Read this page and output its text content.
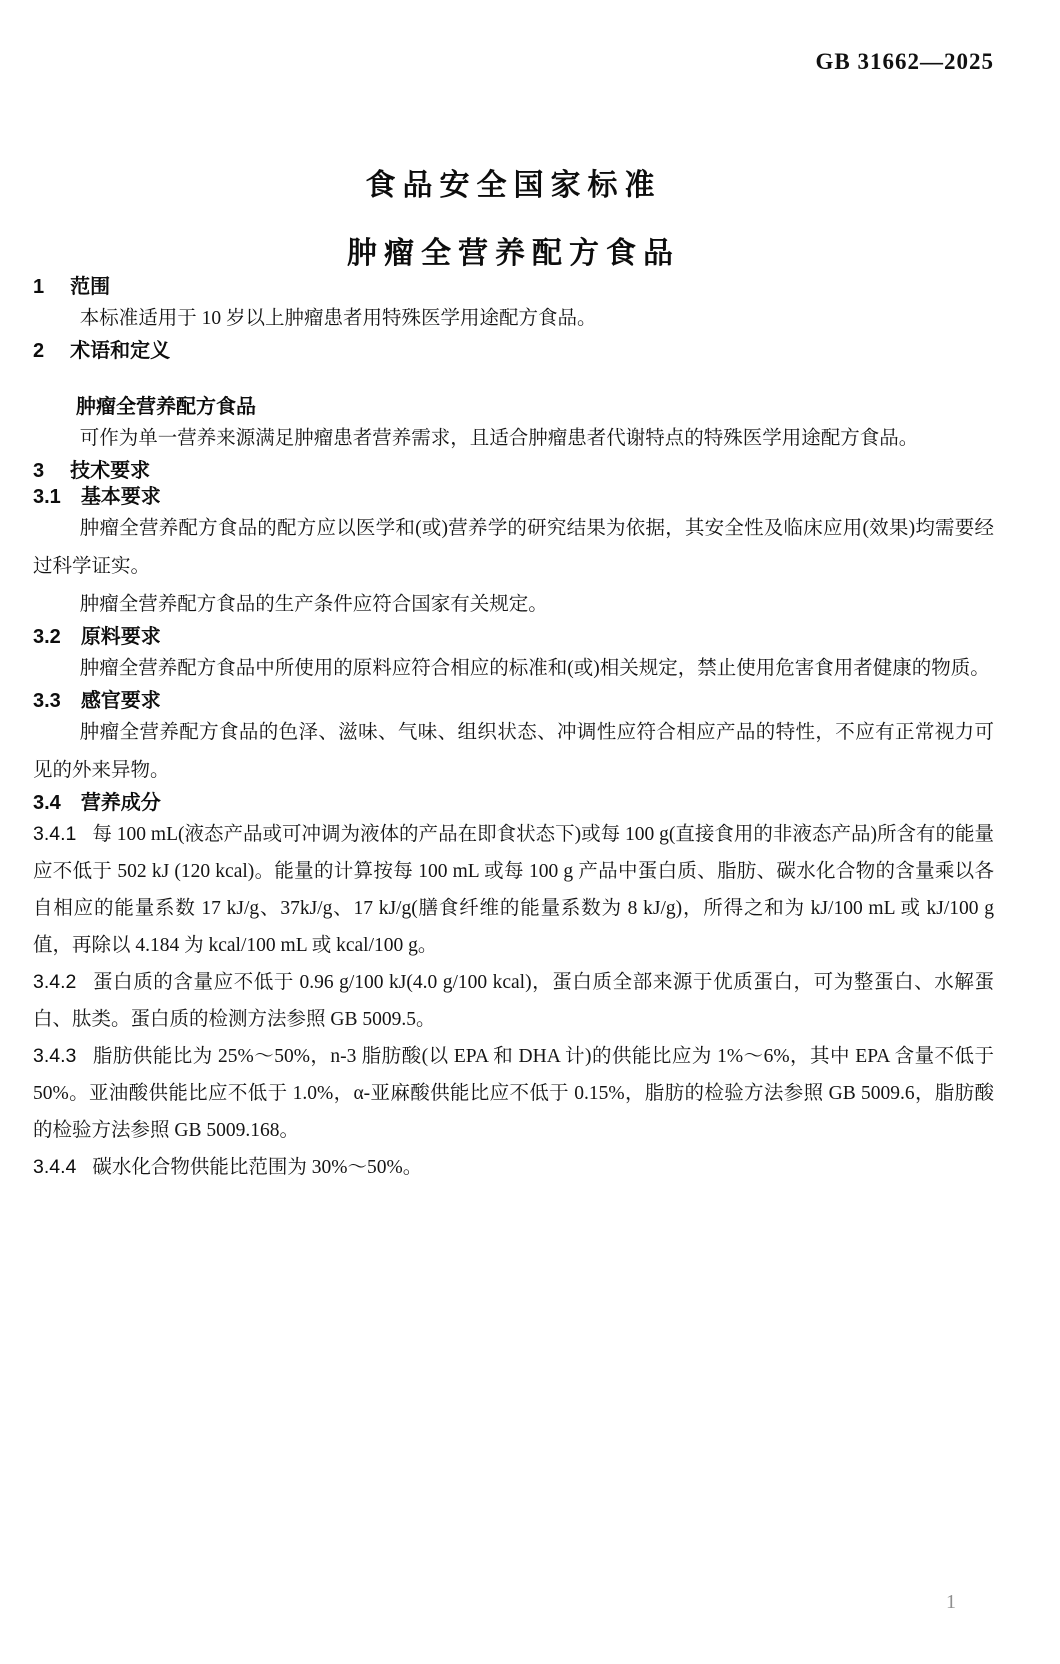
GB 31662—2025
食品安全国家标准
肿瘤全营养配方食品
1 范围

本标准适用于 10 岁以上肿瘤患者用特殊医学用途配方食品。

2 术语和定义

肿瘤全营养配方食品

可作为单一营养来源满足肿瘤患者营养需求，且适合肿瘤患者代谢特点的特殊医学用途配方食品。

3 技术要求
3.1 基本要求

肿瘤全营养配方食品的配方应以医学和(或)营养学的研究结果为依据，其安全性及临床应用(效果)均需要经过科学证实。

肿瘤全营养配方食品的生产条件应符合国家有关规定。

3.2 原料要求

肿瘤全营养配方食品中所使用的原料应符合相应的标准和(或)相关规定，禁止使用危害食用者健康的物质。

3.3 感官要求

肿瘤全营养配方食品的色泽、滋味、气味、组织状态、冲调性应符合相应产品的特性，不应有正常视力可见的外来异物。

3.4 营养成分

3.4.1 每 100 mL(液态产品或可冲调为液体的产品在即食状态下)或每 100 g(直接食用的非液态产品)所含有的能量应不低于 502 kJ (120 kcal)。能量的计算按每 100 mL 或每 100 g 产品中蛋白质、脂肪、碳水化合物的含量乘以各自相应的能量系数 17 kJ/g、37kJ/g、17 kJ/g(膳食纤维的能量系数为 8 kJ/g)，所得之和为 kJ/100 mL 或 kJ/100 g 值，再除以 4.184 为 kcal/100 mL 或 kcal/100 g。

3.4.2 蛋白质的含量应不低于 0.96 g/100 kJ(4.0 g/100 kcal)，蛋白质全部来源于优质蛋白，可为整蛋白、水解蛋白、肽类。蛋白质的检测方法参照 GB 5009.5。

3.4.3 脂肪供能比为 25%～50%，n-3 脂肪酸(以 EPA 和 DHA 计)的供能比应为 1%～6%，其中 EPA 含量不低于 50%。亚油酸供能比应不低于 1.0%，α-亚麻酸供能比应不低于 0.15%，脂肪的检验方法参照 GB 5009.6，脂肪酸的检验方法参照 GB 5009.168。

3.4.4 碳水化合物供能比范围为 30%～50%。

1
